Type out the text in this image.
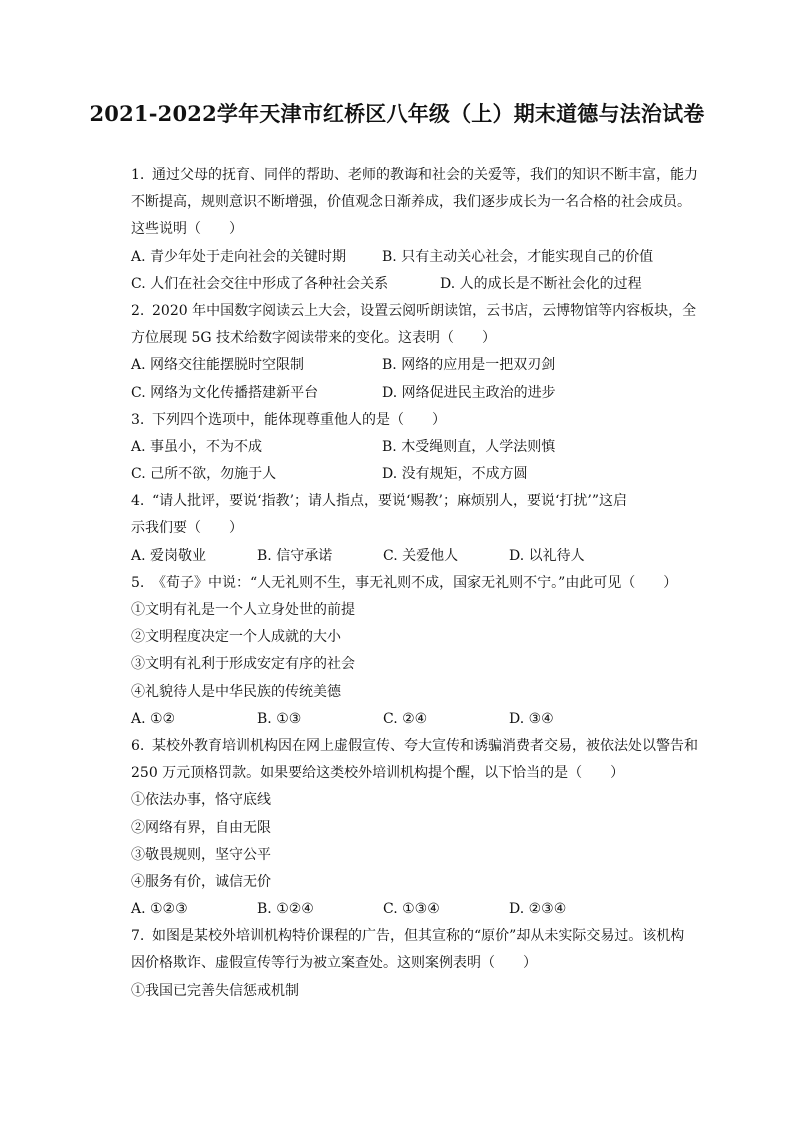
2021-2022学年天津市红桥区八年级（上）期末道德与法治试卷
1. 通过父母的抚育、同伴的帮助、老师的教诲和社会的关爱等，我们的知识不断丰富，能力
不断提高，规则意识不断增强，价值观念日渐养成，我们逐步成长为一名合格的社会成员。
这些说明（　　）
A. 青少年处于走向社会的关键时期	B. 只有主动关心社会，才能实现自己的价值
C. 人们在社会交往中形成了各种社会关系	D. 人的成长是不断社会化的过程
2. 2020 年中国数字阅读云上大会，设置云阅听朗读馆，云书店，云博物馆等内容板块，全
方位展现 5G 技术给数字阅读带来的变化。这表明（　　）
A. 网络交往能摆脱时空限制	B. 网络的应用是一把双刃剑
C. 网络为文化传播搭建新平台	D. 网络促进民主政治的进步
3. 下列四个选项中，能体现尊重他人的是（　　）
A. 事虽小，不为不成	B. 木受绳则直，人学法则慎
C. 己所不欲，勿施于人	D. 没有规矩，不成方圆
4. “请人批评，要说‘指教’；请人指点，要说‘赐教’；麻烦别人，要说‘打扰’”这启
示我们要（　　）
A. 爱岗敬业	B. 信守承诺	C. 关爱他人	D. 以礼待人
5. 《荀子》中说：“人无礼则不生，事无礼则不成，国家无礼则不宁。”由此可见（　　）
①文明有礼是一个人立身处世的前提
②文明程度决定一个人成就的大小
③文明有礼利于形成安定有序的社会
④礼貌待人是中华民族的传统美德
A. ①②	B. ①③	C. ②④	D. ③④
6. 某校外教育培训机构因在网上虚假宣传、夸大宣传和诱骗消费者交易，被依法处以警告和
250 万元顶格罚款。如果要给这类校外培训机构提个醒，以下恰当的是（　　）
①依法办事，恪守底线
②网络有界，自由无限
③敬畏规则，坚守公平
④服务有价，诚信无价
A. ①②③	B. ①②④	C. ①③④	D. ②③④
7. 如图是某校外培训机构特价课程的广告，但其宣称的“原价”却从未实际交易过。该机构
因价格欺诈、虚假宣传等行为被立案查处。这则案例表明（　　）
①我国已完善失信惩戒机制
